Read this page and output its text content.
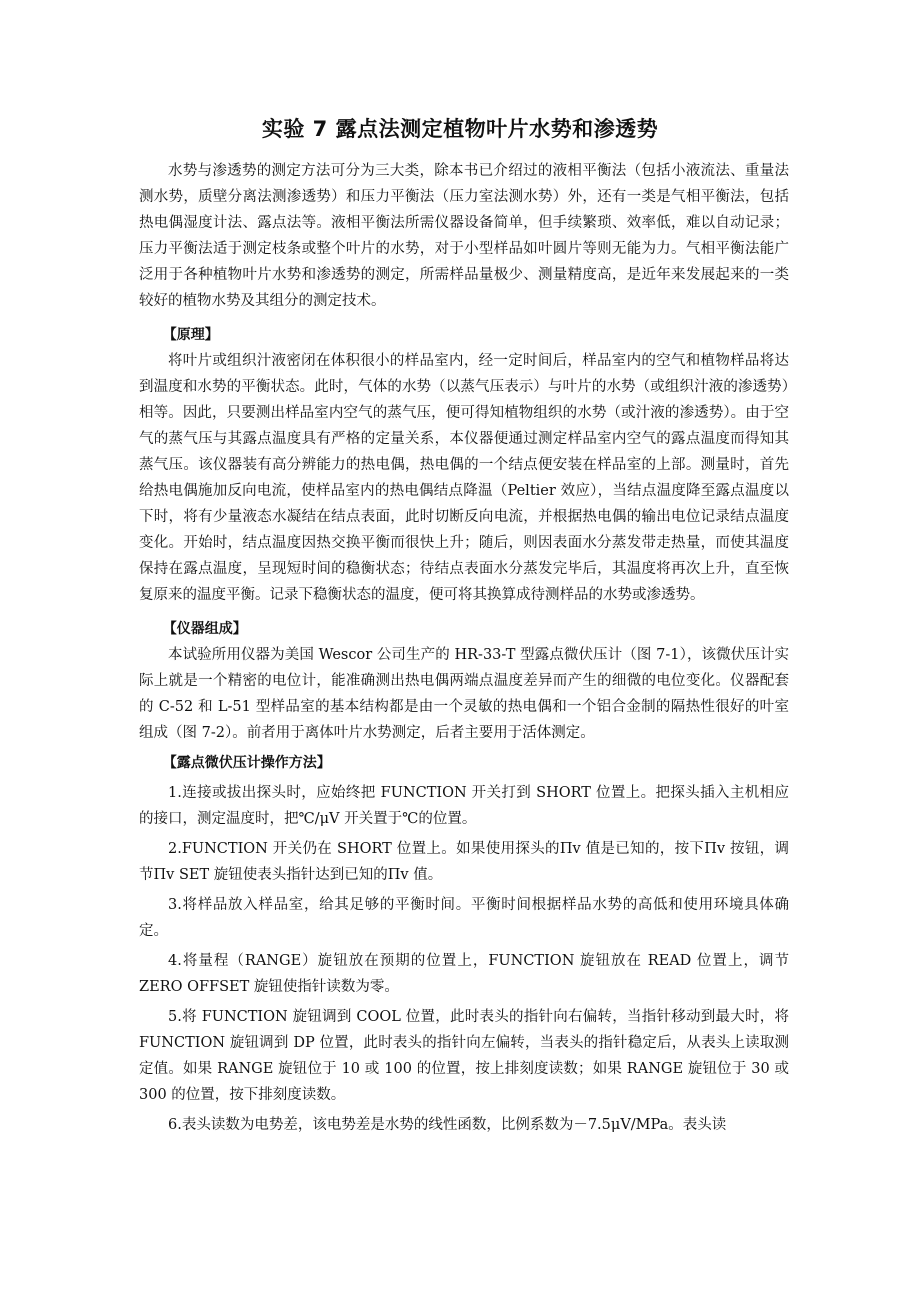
实验 7 露点法测定植物叶片水势和渗透势

水势与渗透势的测定方法可分为三大类，除本书已介绍过的液相平衡法（包括小液流法、重量法测水势，质壁分离法测渗透势）和压力平衡法（压力室法测水势）外，还有一类是气相平衡法，包括热电偶湿度计法、露点法等。液相平衡法所需仪器设备简单，但手续繁琐、效率低，难以自动记录；压力平衡法适于测定枝条或整个叶片的水势，对于小型样品如叶圆片等则无能为力。气相平衡法能广泛用于各种植物叶片水势和渗透势的测定，所需样品量极少、测量精度高，是近年来发展起来的一类较好的植物水势及其组分的测定技术。

【原理】

将叶片或组织汁液密闭在体积很小的样品室内，经一定时间后，样品室内的空气和植物样品将达到温度和水势的平衡状态。此时，气体的水势（以蒸气压表示）与叶片的水势（或组织汁液的渗透势）相等。因此，只要测出样品室内空气的蒸气压，便可得知植物组织的水势（或汁液的渗透势）。由于空气的蒸气压与其露点温度具有严格的定量关系，本仪器便通过测定样品室内空气的露点温度而得知其蒸气压。该仪器装有高分辨能力的热电偶，热电偶的一个结点便安装在样品室的上部。测量时，首先给热电偶施加反向电流，使样品室内的热电偶结点降温（Peltier 效应），当结点温度降至露点温度以下时，将有少量液态水凝结在结点表面，此时切断反向电流，并根据热电偶的输出电位记录结点温度变化。开始时，结点温度因热交换平衡而很快上升；随后，则因表面水分蒸发带走热量，而使其温度保持在露点温度，呈现短时间的稳衡状态；待结点表面水分蒸发完毕后，其温度将再次上升，直至恢复原来的温度平衡。记录下稳衡状态的温度，便可将其换算成待测样品的水势或渗透势。

【仪器组成】

本试验所用仪器为美国 Wescor 公司生产的 HR-33-T 型露点微伏压计（图 7-1），该微伏压计实际上就是一个精密的电位计，能准确测出热电偶两端点温度差异而产生的细微的电位变化。仪器配套的 C-52 和 L-51 型样品室的基本结构都是由一个灵敏的热电偶和一个铝合金制的隔热性很好的叶室组成（图 7-2）。前者用于离体叶片水势测定，后者主要用于活体测定。

【露点微伏压计操作方法】

1.连接或拔出探头时，应始终把 FUNCTION 开关打到 SHORT 位置上。把探头插入主机相应的接口，测定温度时，把℃/μV 开关置于℃的位置。

2.FUNCTION 开关仍在 SHORT 位置上。如果使用探头的Πv 值是已知的，按下Πv 按钮，调节Πv SET 旋钮使表头指针达到已知的Πv 值。

3.将样品放入样品室，给其足够的平衡时间。平衡时间根据样品水势的高低和使用环境具体确定。

4.将量程（RANGE）旋钮放在预期的位置上，FUNCTION 旋钮放在 READ 位置上，调节 ZERO OFFSET 旋钮使指针读数为零。

5.将 FUNCTION 旋钮调到 COOL 位置，此时表头的指针向右偏转，当指针移动到最大时，将 FUNCTION 旋钮调到 DP 位置，此时表头的指针向左偏转，当表头的指针稳定后，从表头上读取测定值。如果 RANGE 旋钮位于 10 或 100 的位置，按上排刻度读数；如果 RANGE 旋钮位于 30 或 300 的位置，按下排刻度读数。

6.表头读数为电势差，该电势差是水势的线性函数，比例系数为－7.5μV/MPa。表头读
